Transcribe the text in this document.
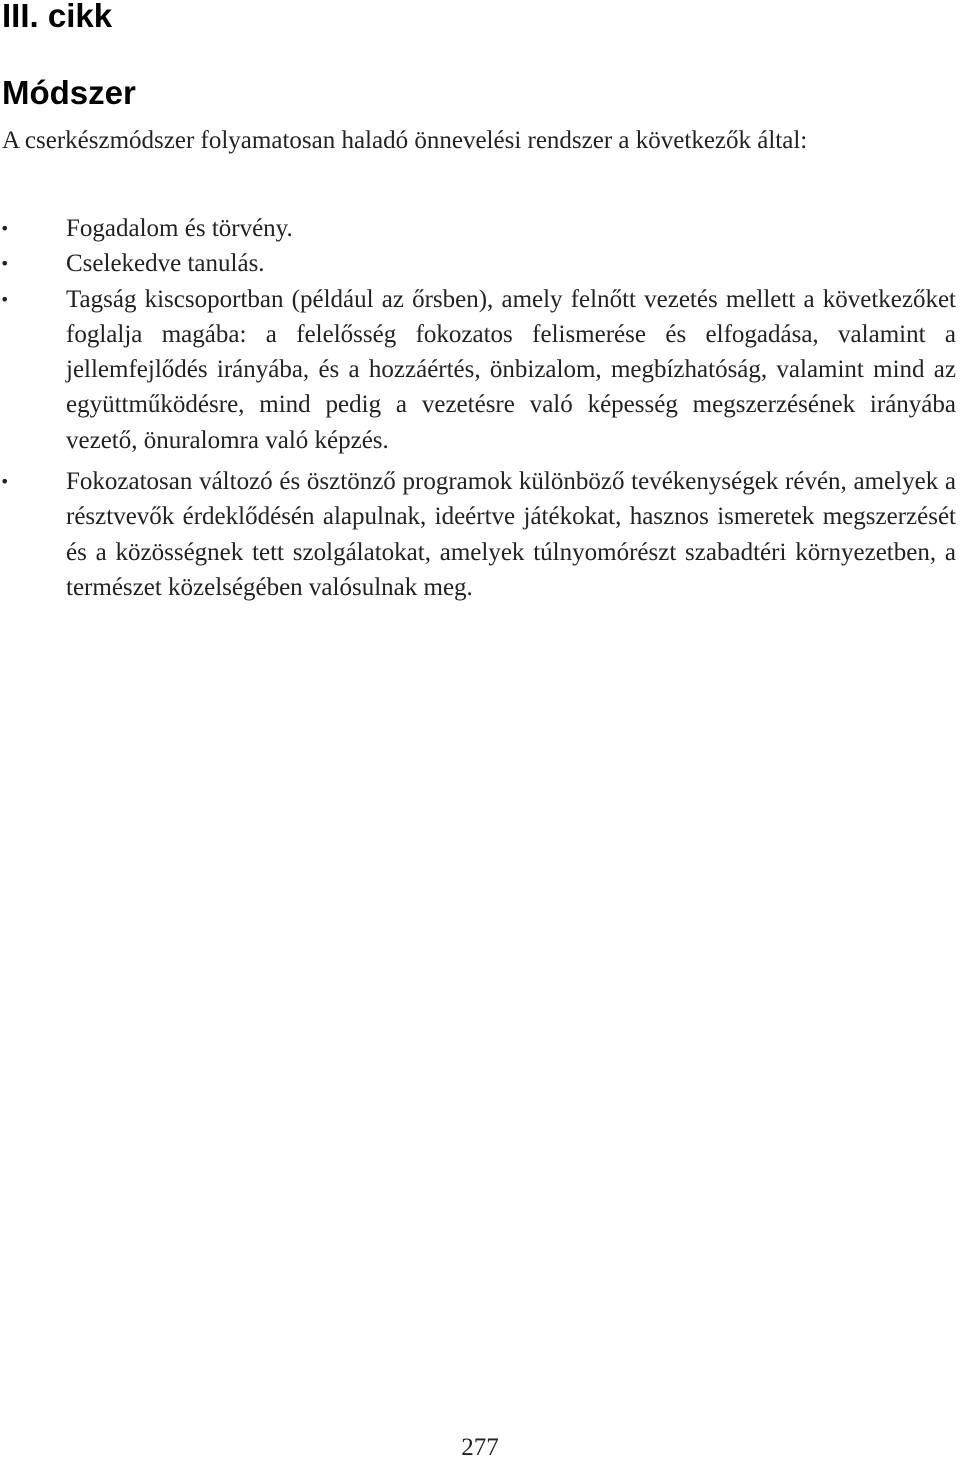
III. cikk
Módszer

A cserkészmódszer folyamatosan haladó önnevelési rendszer a következők által:

• Fogadalom és törvény.
• Cselekedve tanulás.
• Tagság kiscsoportban (például az őrsben), amely felnőtt vezetés mellett a következőket foglalja magába: a felelősség fokozatos felismerése és elfogadása, valamint a jellemfejlődés irányába, és a hozzáértés, önbizalom, megbízhatóság, valamint mind az együttműködésre, mind pedig a vezetésre való képesség megszerzésének irányába vezető, önuralomra való képzés.
• Fokozatosan változó és ösztönző programok különböző tevékenységek révén, amelyek a résztvevők érdeklődésén alapulnak, ideértve játékokat, hasznos ismeretek megszerzését és a közösségnek tett szolgálatokat, amelyek túlnyomórészt szabadtéri környezetben, a természet közelségében valósulnak meg.

277
